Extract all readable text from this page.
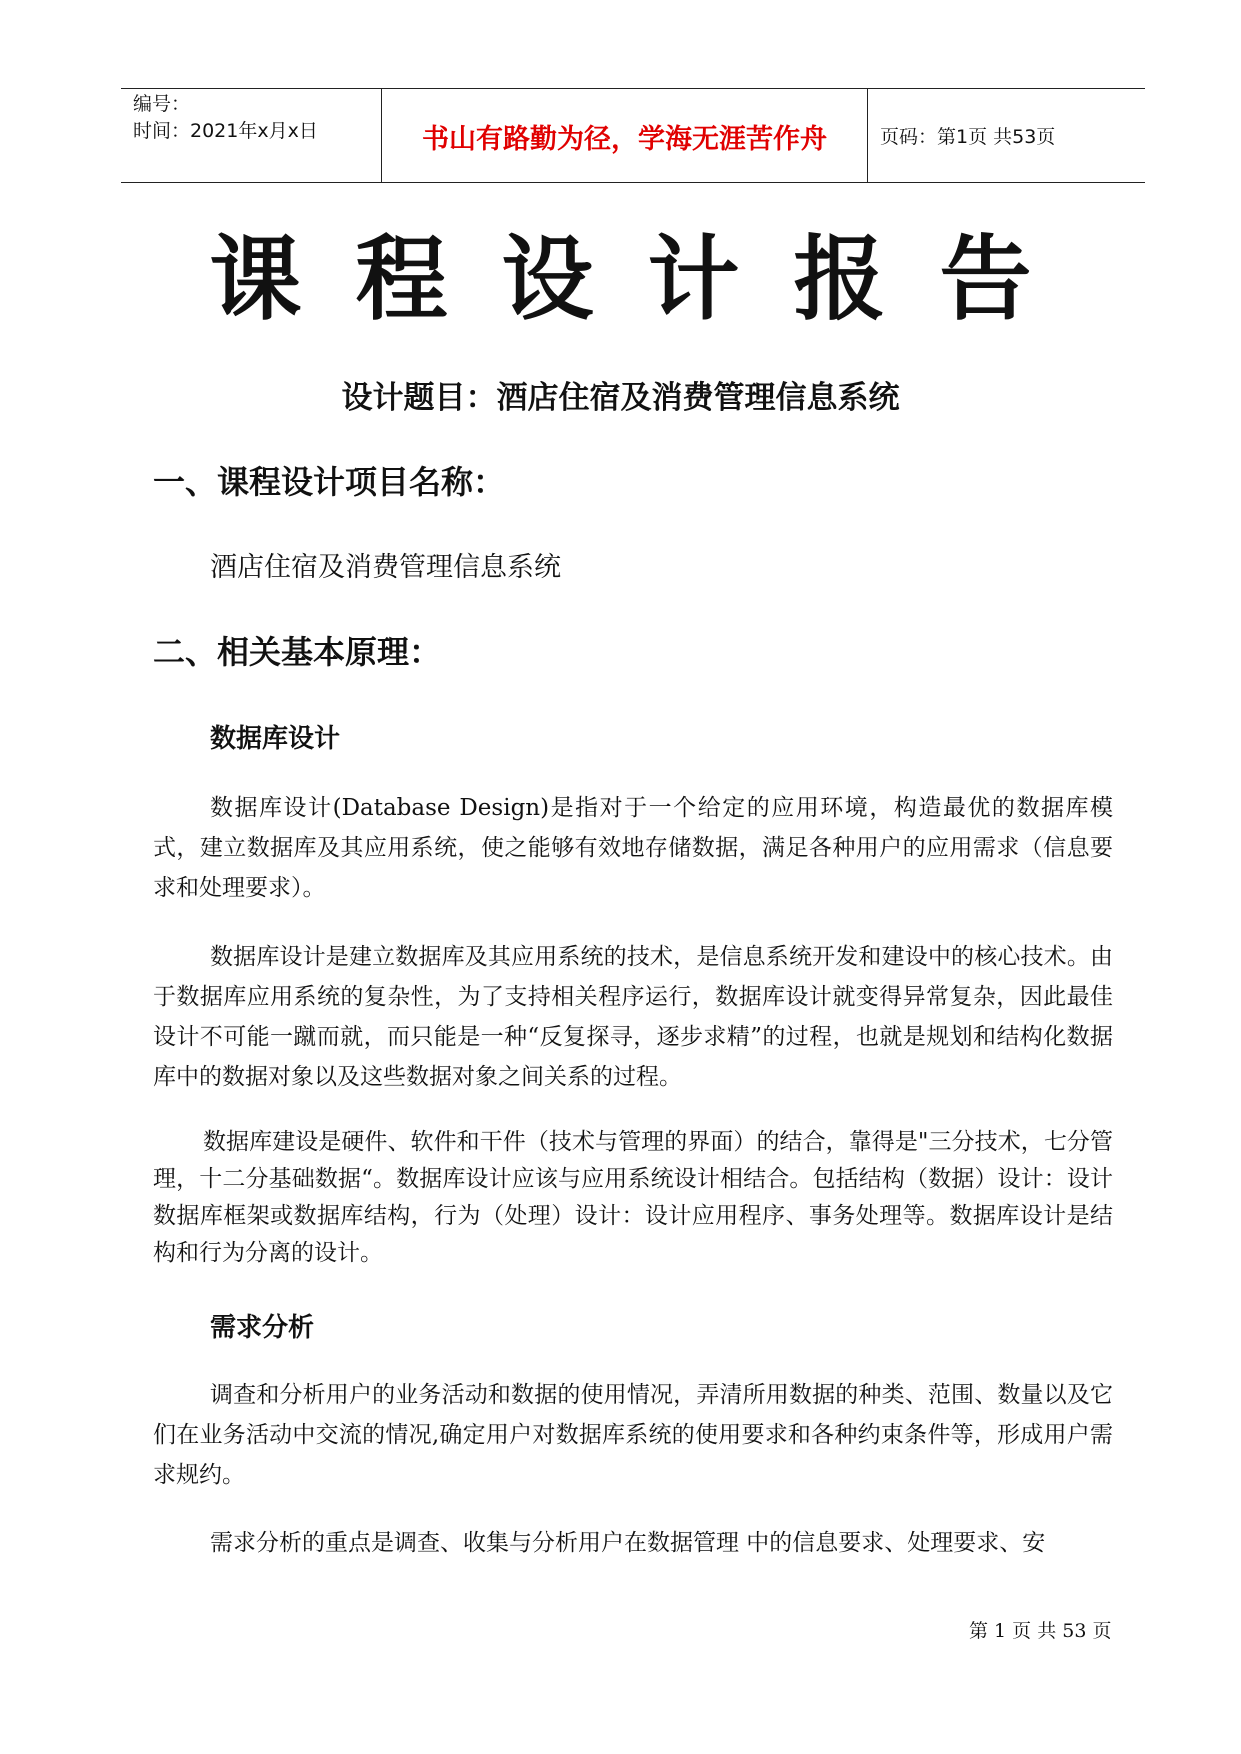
编号：
时间：2021年x月x日	书山有路勤为径，学海无涯苦作舟	页码：第1页 共53页
课程设计报告
设计题目：酒店住宿及消费管理信息系统
一、课程设计项目名称：
酒店住宿及消费管理信息系统
二、相关基本原理：
数据库设计

数据库设计(Database Design)是指对于一个给定的应用环境，构造最优的数据库模式，建立数据库及其应用系统，使之能够有效地存储数据，满足各种用户的应用需求（信息要求和处理要求）。

数据库设计是建立数据库及其应用系统的技术，是信息系统开发和建设中的核心技术。由于数据库应用系统的复杂性，为了支持相关程序运行，数据库设计就变得异常复杂，因此最佳设计不可能一蹴而就，而只能是一种“反复探寻，逐步求精”的过程，也就是规划和结构化数据库中的数据对象以及这些数据对象之间关系的过程。

数据库建设是硬件、软件和干件（技术与管理的界面）的结合，靠得是"三分技术，七分管理，十二分基础数据“。数据库设计应该与应用系统设计相结合。包括结构（数据）设计：设计数据库框架或数据库结构，行为（处理）设计：设计应用程序、事务处理等。数据库设计是结构和行为分离的设计。

需求分析

调查和分析用户的业务活动和数据的使用情况，弄清所用数据的种类、范围、数量以及它们在业务活动中交流的情况,确定用户对数据库系统的使用要求和各种约束条件等，形成用户需求规约。

需求分析的重点是调查、收集与分析用户在数据管理 中的信息要求、处理要求、安

第 1 页 共 53 页
